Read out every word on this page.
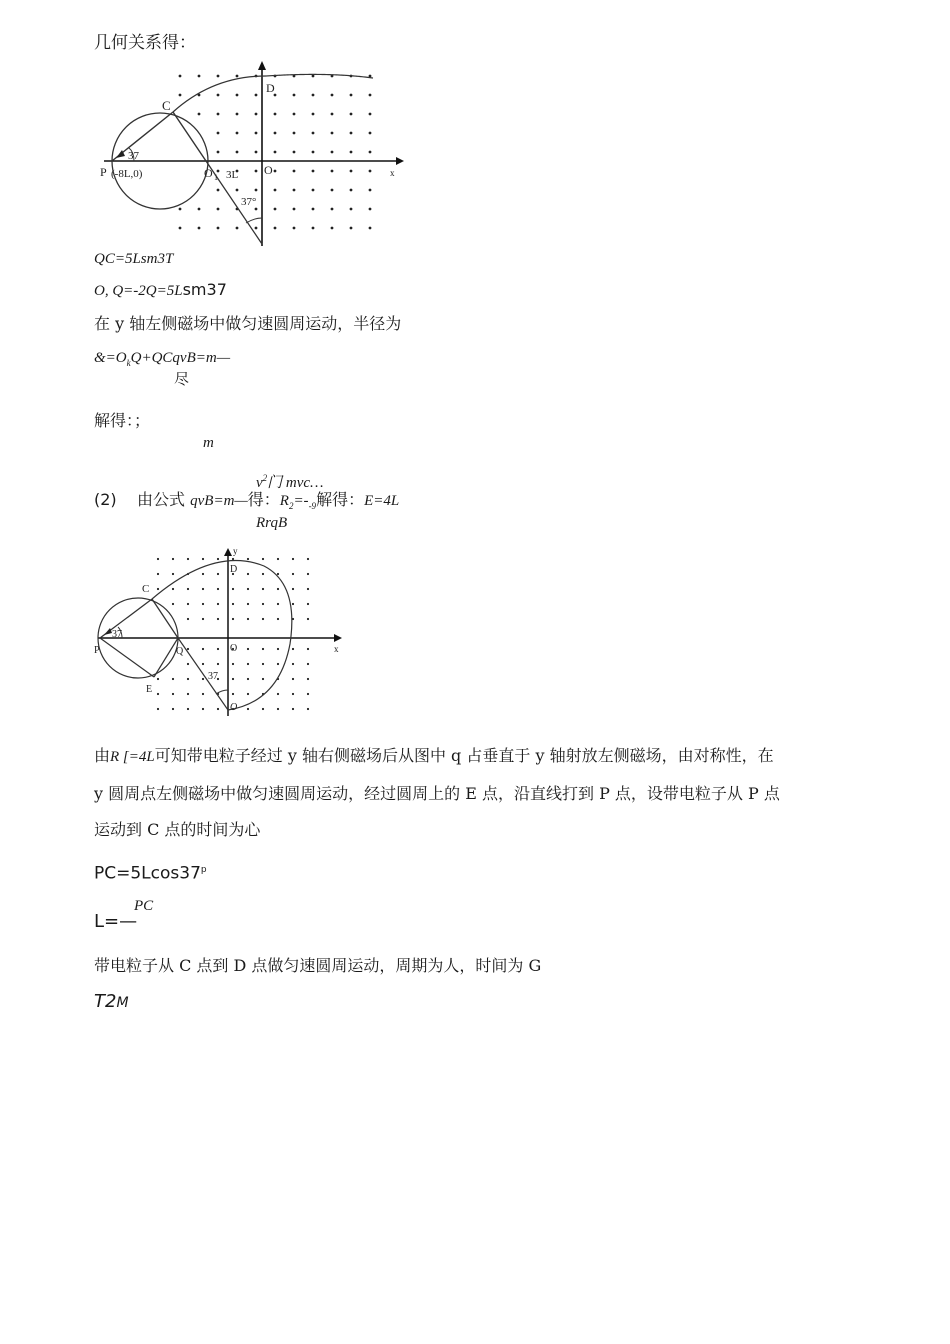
几何关系得：
C
D
P (-8L,0)	O 1
O
3L
37
37°
x
QC=5Lsm3T
O, Q=-2Q=5Lsm37
在 y 轴左侧磁场中做匀速圆周运动，半径为
$\&=O_kQ+QCqvB=m—$
尽
解得：；
m
$v^2$门 mvc…
(2) 由公式 qvB=m—得：$R_2=-_{-9}$解得：E=4L
RrqB
C
D
P	Q	O
E
y
x
37
37
O
由R [=4L可知带电粒子经过 y 轴右侧磁场后从图中 q 占垂直于 y 轴射放左侧磁场，由对称性，在
y 圆周点左侧磁场中做匀速圆周运动，经过圆周上的 E 点，沿直线打到 P 点，设带电粒子从 P 点
运动到 C 点的时间为心
$PC=5Lcos37^p$
PC
L=—
带电粒子从 C 点到 D 点做匀速圆周运动，周期为人，时间为 G
T2M
